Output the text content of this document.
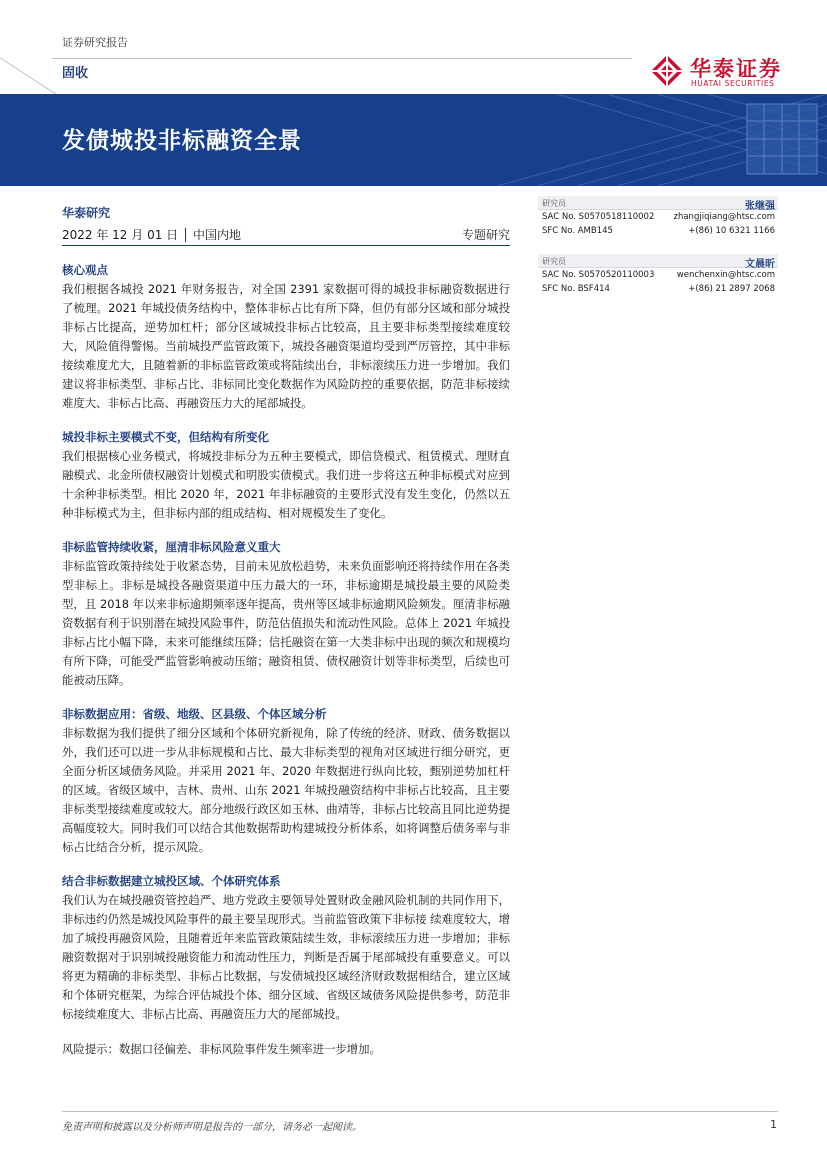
证券研究报告
固收	华泰证券
HUATAI SECURITIES
发债城投非标融资全景
华泰研究
2022 年 12 月 01 日 │ 中国内地	专题研究
研究员	张继强
SAC No. S0570518110002 zhangjiqiang@htsc.com
SFC No. AMB145	+(86) 10 6321 1166
研究员	文晨昕
SAC No. S0570520110003	wenchenxin@htsc.com
SFC No. BSF414	+(86) 21 2897 2068
核心观点
我们根据各城投 2021 年财务报告，对全国 2391 家数据可得的城投非标融资数据进行了梳理。2021 年城投债务结构中，整体非标占比有所下降，但仍有部分区域和部分城投非标占比提高，逆势加杠杆；部分区域城投非标占比较高，且主要非标类型接续难度较大，风险值得警惕。当前城投严监管政策下，城投各融资渠道均受到严厉管控，其中非标接续难度尤大，且随着新的非标监管政策或将陆续出台，非标滚续压力进一步增加。我们建议将非标类型、非标占比、非标同比变化数据作为风险防控的重要依据，防范非标接续难度大、非标占比高、再融资压力大的尾部城投。
城投非标主要模式不变，但结构有所变化
我们根据核心业务模式，将城投非标分为五种主要模式，即信贷模式、租赁模式、理财直融模式、北金所债权融资计划模式和明股实债模式。我们进一步将这五种非标模式对应到十余种非标类型。相比 2020 年，2021 年非标融资的主要形式没有发生变化，仍然以五种非标模式为主，但非标内部的组成结构、相对规模发生了变化。
非标监管持续收紧，厘清非标风险意义重大
非标监管政策持续处于收紧态势，目前未见放松趋势，未来负面影响还将持续作用在各类型非标上。非标是城投各融资渠道中压力最大的一环，非标逾期是城投最主要的风险类型，且 2018 年以来非标逾期频率逐年提高，贵州等区域非标逾期风险频发。厘清非标融资数据有利于识别潜在城投风险事件，防范估值损失和流动性风险。总体上 2021 年城投非标占比小幅下降，未来可能继续压降；信托融资在第一大类非标中出现的频次和规模均有所下降，可能受严监管影响被动压缩；融资租赁、债权融资计划等非标类型，后续也可能被动压降。
非标数据应用：省级、地级、区县级、个体区域分析
非标数据为我们提供了细分区域和个体研究新视角，除了传统的经济、财政、债务数据以外，我们还可以进一步从非标规模和占比、最大非标类型的视角对区域进行细分研究，更全面分析区域债务风险。并采用 2021 年、2020 年数据进行纵向比较，甄别逆势加杠杆的区域。省级区域中，吉林、贵州、山东 2021 年城投融资结构中非标占比较高，且主要非标类型接续难度或较大。部分地级行政区如玉林、曲靖等，非标占比较高且同比逆势提高幅度较大。同时我们可以结合其他数据帮助构建城投分析体系，如将调整后债务率与非标占比结合分析，提示风险。
结合非标数据建立城投区域、个体研究体系
我们认为在城投融资管控趋严、地方党政主要领导处置财政金融风险机制的共同作用下，非标违约仍然是城投风险事件的最主要呈现形式。当前监管政策下非标接 续难度较大，增加了城投再融资风险，且随着近年来监管政策陆续生效，非标滚续压力进一步增加；非标融资数据对于识别城投融资能力和流动性压力，判断是否属于尾部城投有重要意义。可以将更为精确的非标类型、非标占比数据，与发债城投区域经济财政数据相结合，建立区域和个体研究框架，为综合评估城投个体、细分区域、省级区域债务风险提供参考，防范非标接续难度大、非标占比高、再融资压力大的尾部城投。
风险提示：数据口径偏差、非标风险事件发生频率进一步增加。
免责声明和披露以及分析师声明是报告的一部分，请务必一起阅读。	1
